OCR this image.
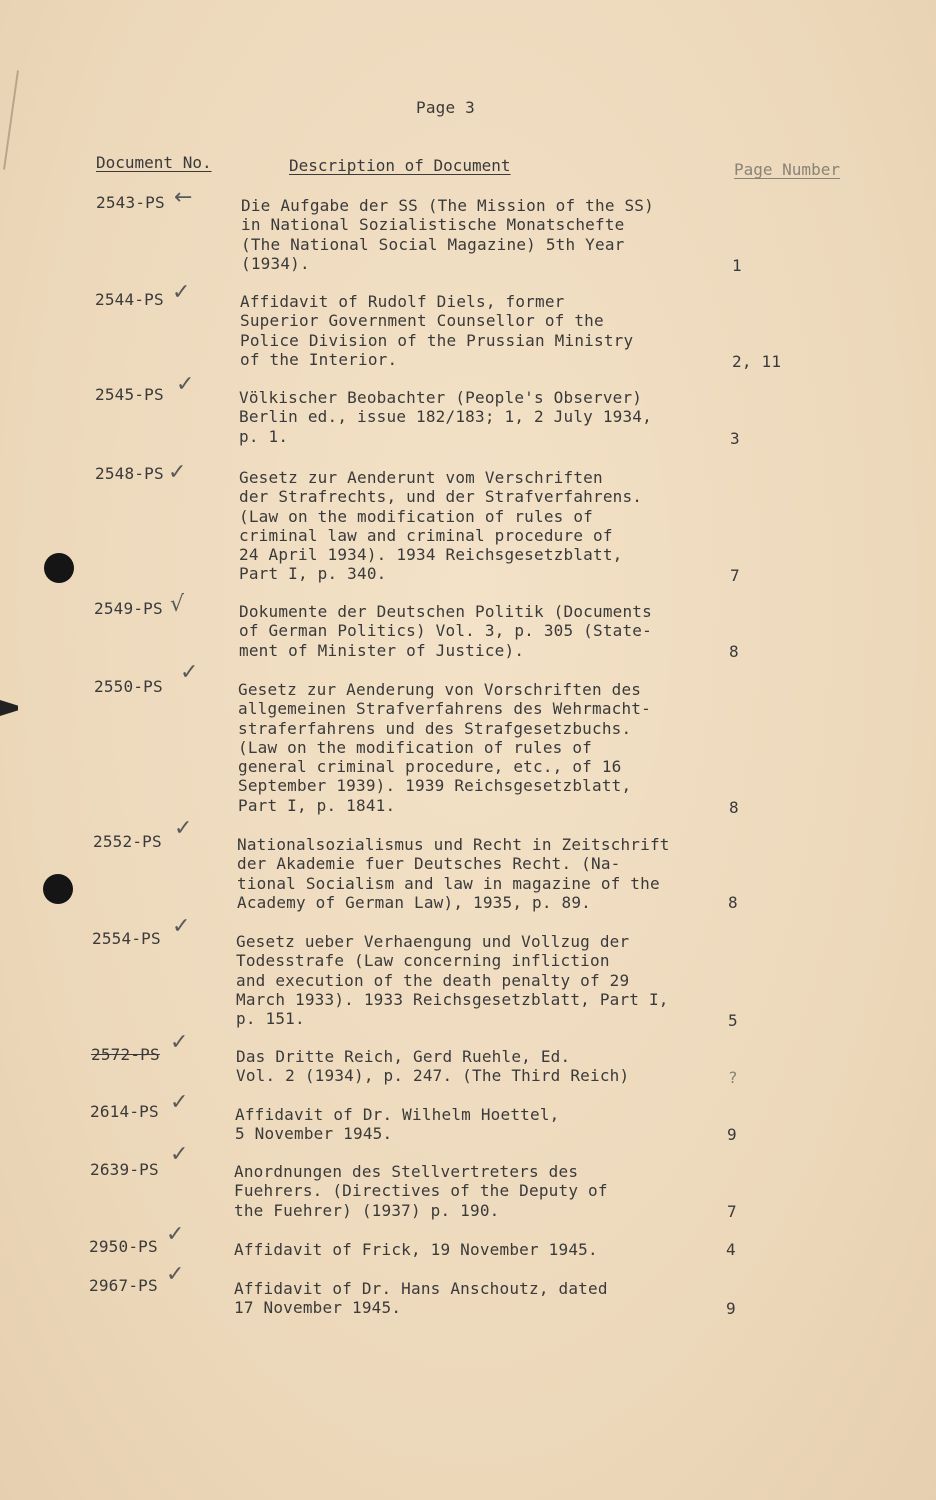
Page 3
Document No.	Description of Document	Page Number
2543-PS ←	Die Aufgabe der SS (The Mission of the SS)
in National Sozialistische Monatschefte
(The National Social Magazine) 5th Year
(1934).	1
2544-PS ✓	Affidavit of Rudolf Diels, former
Superior Government Counsellor of the
Police Division of the Prussian Ministry
of the Interior.	2, 11
2545-PS ✓
Völkischer Beobachter (People's Observer)
Berlin ed., issue 182/183; 1, 2 July 1934,
p. 1.	3
2548-PS ✓	Gesetz zur Aenderunt vom Verschriften
der Strafrechts, und der Strafverfahrens.
(Law on the modification of rules of
criminal law and criminal procedure of
24 April 1934). 1934 Reichsgesetzblatt,
Part I, p. 340.	7
2549-PS √	Dokumente der Deutschen Politik (Documents
of German Politics) Vol. 3, p. 305 (State-
ment of Minister of Justice).	8
2550-PS
✓
Gesetz zur Aenderung von Vorschriften des
allgemeinen Strafverfahrens des Wehrmacht-
straferfahrens und des Strafgesetzbuchs.
(Law on the modification of rules of
general criminal procedure, etc., of 16
September 1939). 1939 Reichsgesetzblatt,
Part I, p. 1841.	8
2552-PS
✓
Nationalsozialismus und Recht in Zeitschrift
der Akademie fuer Deutsches Recht. (Na-
tional Socialism and law in magazine of the
Academy of German Law), 1935, p. 89.	8
2554-PS ✓
Gesetz ueber Verhaengung und Vollzug der
Todesstrafe (Law concerning infliction
and execution of the death penalty of 29
March 1933). 1933 Reichsgesetzblatt, Part I,
p. 151.	5
2572-PS ✓
Das Dritte Reich, Gerd Ruehle, Ed.
Vol. 2 (1934), p. 247. (The Third Reich)	?
2614-PS ✓	Affidavit of Dr. Wilhelm Hoettel,
5 November 1945.	9
2639-PS
✓
Anordnungen des Stellvertreters des
Fuehrers. (Directives of the Deputy of
the Fuehrer) (1937) p. 190.	7
2950-PS ✓
Affidavit of Frick, 19 November 1945.	4
2967-PS ✓
Affidavit of Dr. Hans Anschoutz, dated
17 November 1945.	9
